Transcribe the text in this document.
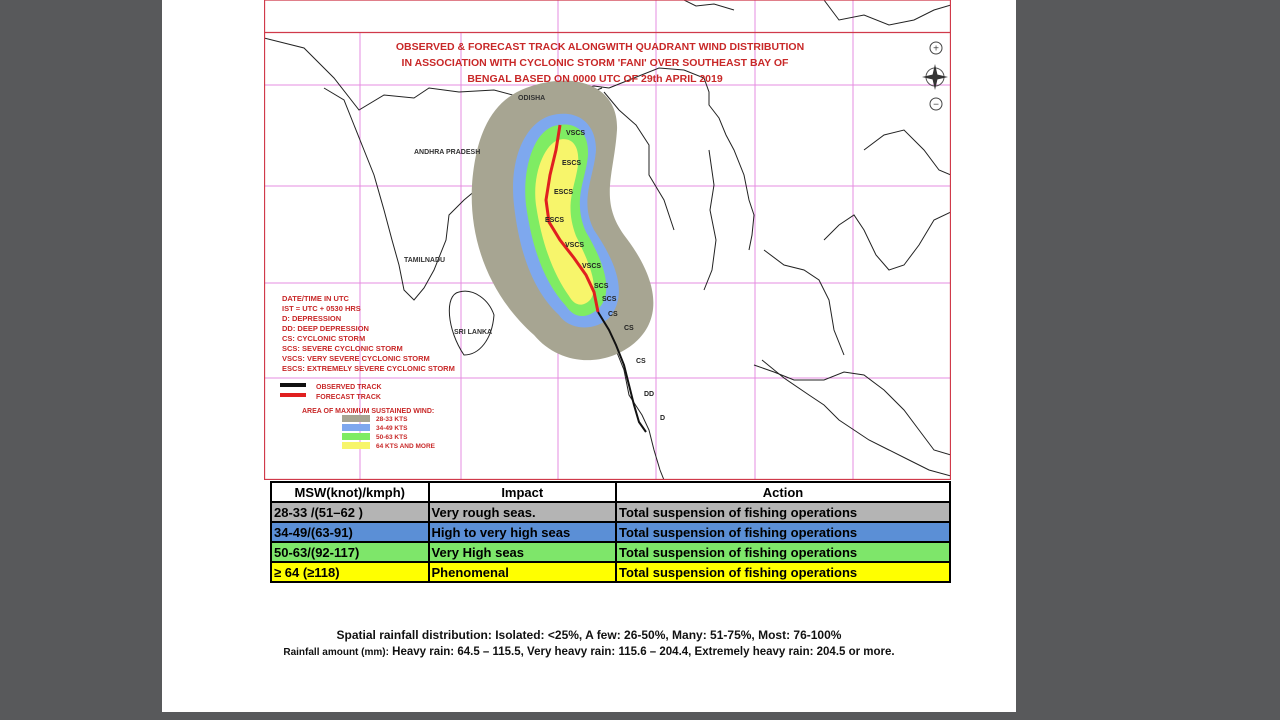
OBSERVED & FORECAST TRACK ALONGWITH QUADRANT WIND DISTRIBUTION
IN ASSOCIATION WITH CYCLONIC STORM 'FANI' OVER SOUTHEAST BAY OF
BENGAL BASED ON 0000 UTC OF 29th APRIL 2019
ODISHA
ANDHRA PRADESH
TAMILNADU
SRI LANKA
VSCS
ESCS
ESCS
ESCS
VSCS
VSCS
SCS
SCS
CS
CS
CS
DD
D
DATE/TIME IN UTC
IST = UTC + 0530 HRS
D: DEPRESSION
DD: DEEP DEPRESSION
CS: CYCLONIC STORM
SCS: SEVERE CYCLONIC STORM
VSCS: VERY SEVERE CYCLONIC STORM
ESCS: EXTREMELY SEVERE CYCLONIC STORM
OBSERVED TRACK
FORECAST TRACK
AREA OF MAXIMUM SUSTAINED WIND:
28-33 KTS
34-49 KTS
50-63 KTS
64 KTS AND MORE
+
−
MSW(knot)/kmph)	Impact	Action
28-33 /(51–62 )	Very rough seas.	Total suspension of fishing operations
34-49/(63-91)	High to very high seas	Total suspension of fishing operations
50-63/(92-117)	Very High seas	Total suspension of fishing operations
≥ 64 (≥118)	Phenomenal	Total suspension of fishing operations
Spatial rainfall distribution: Isolated: <25%, A few: 26-50%, Many: 51-75%, Most: 76-100%
Rainfall amount (mm): Heavy rain: 64.5 – 115.5, Very heavy rain: 115.6 – 204.4, Extremely heavy rain: 204.5 or more.
